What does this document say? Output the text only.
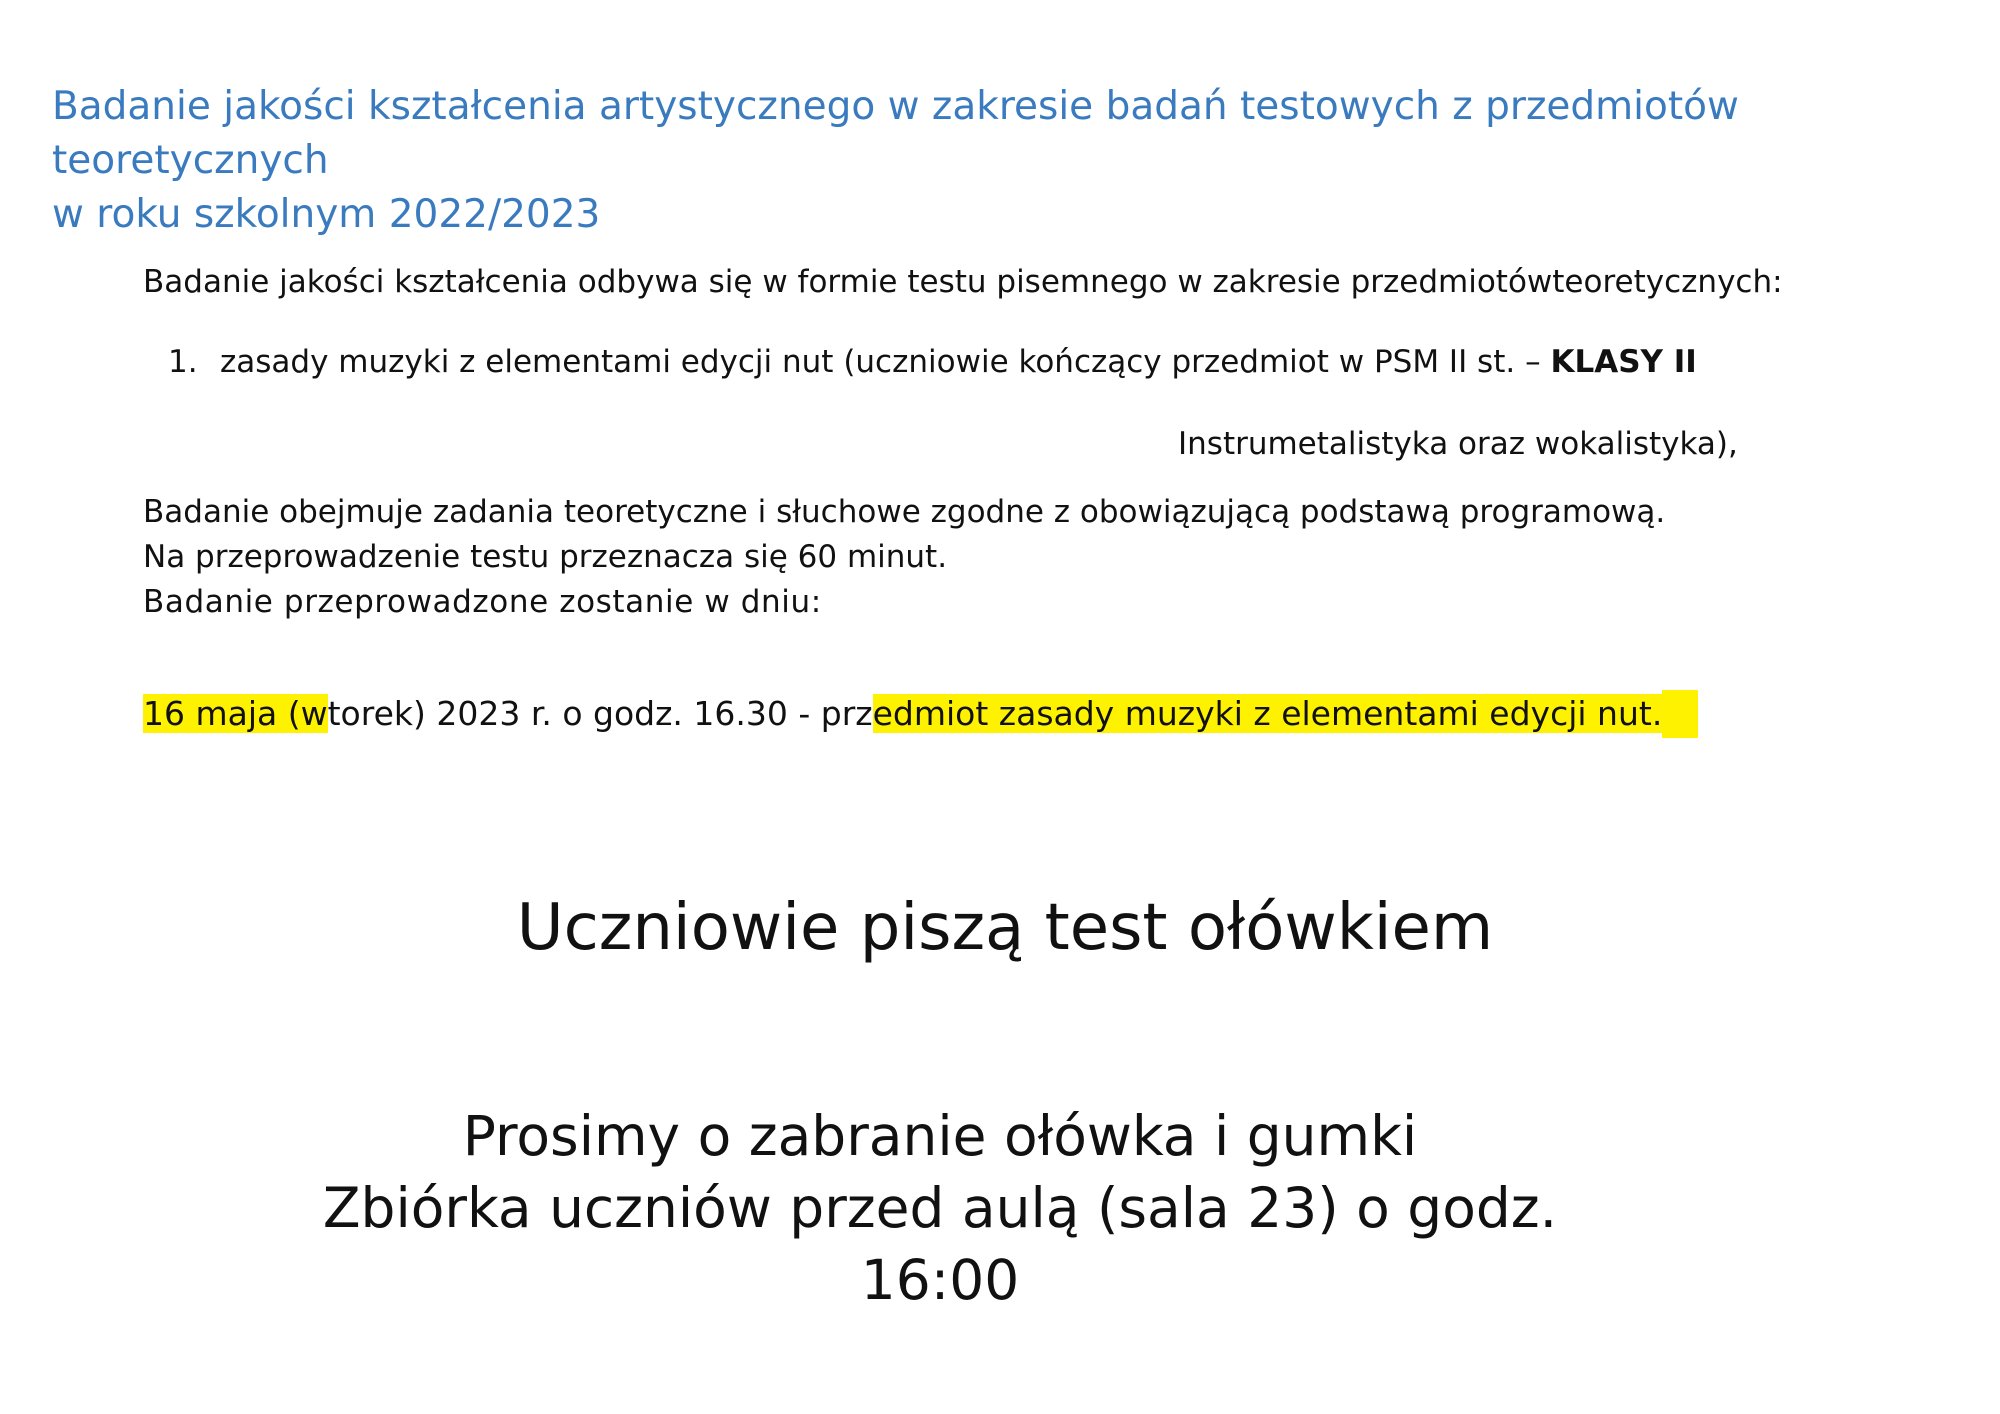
Badanie jakości kształcenia artystycznego w zakresie badań testowych z przedmiotów teoretycznych
w roku szkolnym 2022/2023
Badanie jakości kształcenia odbywa się w formie testu pisemnego w zakresie przedmiotówteoretycznych:
1. zasady muzyki z elementami edycji nut (uczniowie kończący przedmiot w PSM II st. – KLASY II
Instrumetalistyka oraz wokalistyka),
Badanie obejmuje zadania teoretyczne i słuchowe zgodne z obowiązującą podstawą programową.
Na przeprowadzenie testu przeznacza się 60 minut.
Badanie przeprowadzone zostanie w dniu:
16 maja (wtorek) 2023 r. o godz. 16.30 - przedmiot zasady muzyki z elementami edycji nut.
Uczniowie piszą test ołówkiem
Prosimy o zabranie ołówka i gumki
Zbiórka uczniów przed aulą (sala 23) o godz. 16:00
